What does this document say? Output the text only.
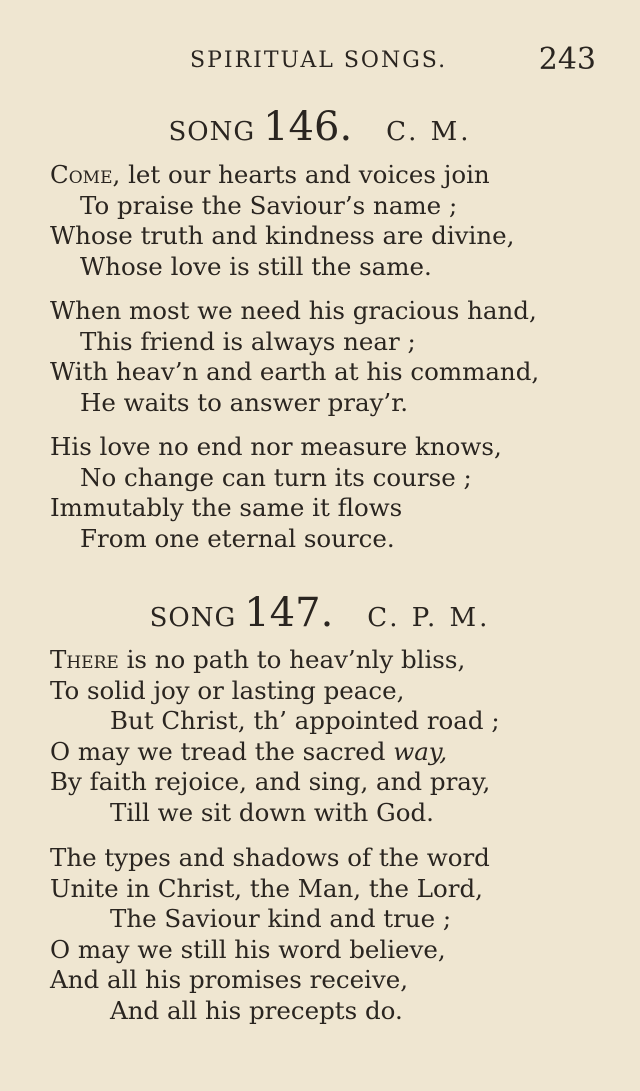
SPIRITUAL SONGS.	243
SONG 146. C. M.
Come, let our hearts and voices join
To praise the Saviour’s name ;
Whose truth and kindness are divine,
Whose love is still the same.
When most we need his gracious hand,
This friend is always near ;
With heav’n and earth at his command,
He waits to answer pray’r.
His love no end nor measure knows,
No change can turn its course ;
Immutably the same it flows
From one eternal source.
SONG 147. C. P. M.
There is no path to heav’nly bliss,
To solid joy or lasting peace,
But Christ, th’ appointed road ;
O may we tread the sacred way,
By faith rejoice, and sing, and pray,
Till we sit down with God.
The types and shadows of the word
Unite in Christ, the Man, the Lord,
The Saviour kind and true ;
O may we still his word believe,
And all his promises receive,
And all his precepts do.
